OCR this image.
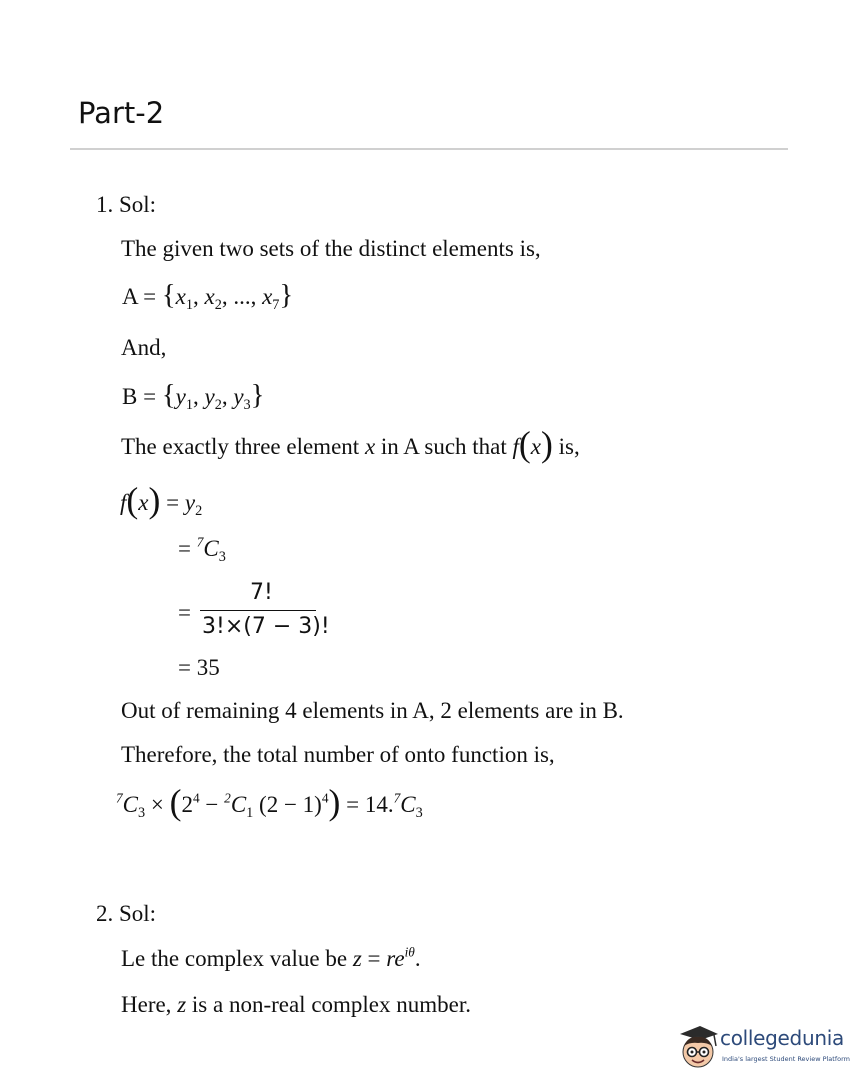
Part-2
1. Sol:
The given two sets of the distinct elements is,
$A = \{x_1$, $x_2$, ..., $x_7$}
And,
$B = \{y_1$, $y_2$, $y_3$}
The exactly three element x in A such that f(x) is,
$f(x) = y_2$
= $^7C_3$
=
7!
3!×(7 − 3)!
= 35
Out of remaining 4 elements in A, 2 elements are in B.
Therefore, the total number of onto function is,
$^7C_3 \times (2^4 - ^2C_1$ $(2 - 1)^4) = 14.^7C_3$
2. Sol:
Le the complex value be $z = re^{i\theta}$.
Here, z is a non-real complex number.
collegedunia
India's largest Student Review Platform
